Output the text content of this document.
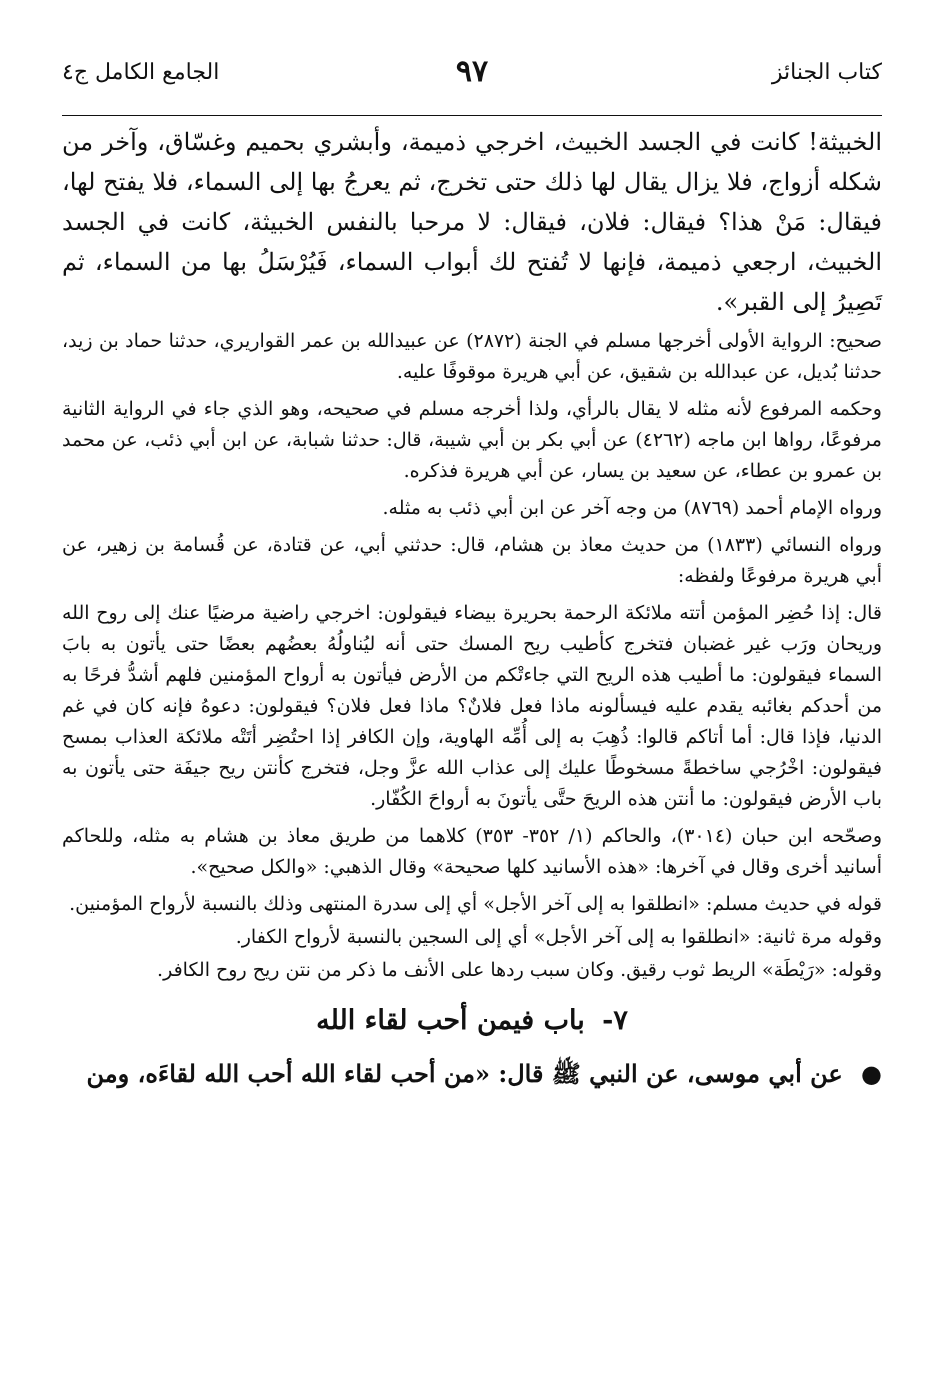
كتاب الجنائز
٩٧
الجامع الكامل ج٤

الخبيثة! كانت في الجسد الخبيث، اخرجي ذميمة، وأبشري بحميم وغسّاق، وآخر من شكله أزواج، فلا يزال يقال لها ذلك حتى تخرج، ثم يعرجُ بها إلى السماء، فلا يفتح لها، فيقال: مَنْ هذا؟ فيقال: فلان، فيقال: لا مرحبا بالنفس الخبيثة، كانت في الجسد الخبيث، ارجعي ذميمة، فإنها لا تُفتح لك أبواب السماء، فَيُرْسَلُ بها من السماء، ثم تَصِيرُ إلى القبر».

صحيح: الرواية الأولى أخرجها مسلم في الجنة (٢٨٧٢) عن عبيدالله بن عمر القواريري، حدثنا حماد بن زيد، حدثنا بُديل، عن عبدالله بن شقيق، عن أبي هريرة موقوفًا عليه.

وحكمه المرفوع لأنه مثله لا يقال بالرأي، ولذا أخرجه مسلم في صحيحه، وهو الذي جاء في الرواية الثانية مرفوعًا، رواها ابن ماجه (٤٢٦٢) عن أبي بكر بن أبي شيبة، قال: حدثنا شبابة، عن ابن أبي ذئب، عن محمد بن عمرو بن عطاء، عن سعيد بن يسار، عن أبي هريرة فذكره.

ورواه الإمام أحمد (٨٧٦٩) من وجه آخر عن ابن أبي ذئب به مثله.

ورواه النسائي (١٨٣٣) من حديث معاذ بن هشام، قال: حدثني أبي، عن قتادة، عن قُسامة بن زهير، عن أبي هريرة مرفوعًا ولفظه:

قال: إذا حُضِر المؤمن أتته ملائكة الرحمة بحريرة بيضاء فيقولون: اخرجي راضية مرضيًا عنك إلى روح الله وريحان ورَب غير غضبان فتخرج كأطيب ريح المسك حتى أنه ليُناولُهُ بعضُهم بعضًا حتى يأتون به بابَ السماء فيقولون: ما أطيب هذه الريح التي جاءتْكم من الأرض فيأتون به أرواح المؤمنين فلهم أشدُّ فرحًا به من أحدكم بغائبه يقدم عليه فيسألونه ماذا فعل فلانٌ؟ ماذا فعل فلان؟ فيقولون: دعوهُ فإنه كان في غم الدنيا، فإذا قال: أما أتاكم قالوا: ذُهِبَ به إلى أُمِّه الهاوية، وإن الكافر إذا احتُضِر أتَتْه ملائكة العذاب بمسح فيقولون: اخْرُجي ساخطةً مسخوطًا عليك إلى عذاب الله عزَّ وجل، فتخرج كأنتن ريح جيفَة حتى يأتون به باب الأرض فيقولون: ما أنتن هذه الريحَ حتَّى يأتونَ به أرواحَ الكُفّار.

وصحّحه ابن حبان (٣٠١٤)، والحاكم (١/ ٣٥٢- ٣٥٣) كلاهما من طريق معاذ بن هشام به مثله، وللحاكم أسانيد أخرى وقال في آخرها: «هذه الأسانيد كلها صحيحة» وقال الذهبي: «والكل صحيح».

قوله في حديث مسلم: «انطلقوا به إلى آخر الأجل» أي إلى سدرة المنتهى وذلك بالنسبة لأرواح المؤمنين.

وقوله مرة ثانية: «انطلقوا به إلى آخر الأجل» أي إلى السجين بالنسبة لأرواح الكفار.

وقوله: «رَيْطَة» الريط ثوب رقيق. وكان سبب ردها على الأنف ما ذكر من نتن ريح روح الكافر.

٧- باب فيمن أحب لقاء الله
● عن أبي موسى، عن النبي ﷺ قال: «من أحب لقاء الله أحب الله لقاءَه، ومن
